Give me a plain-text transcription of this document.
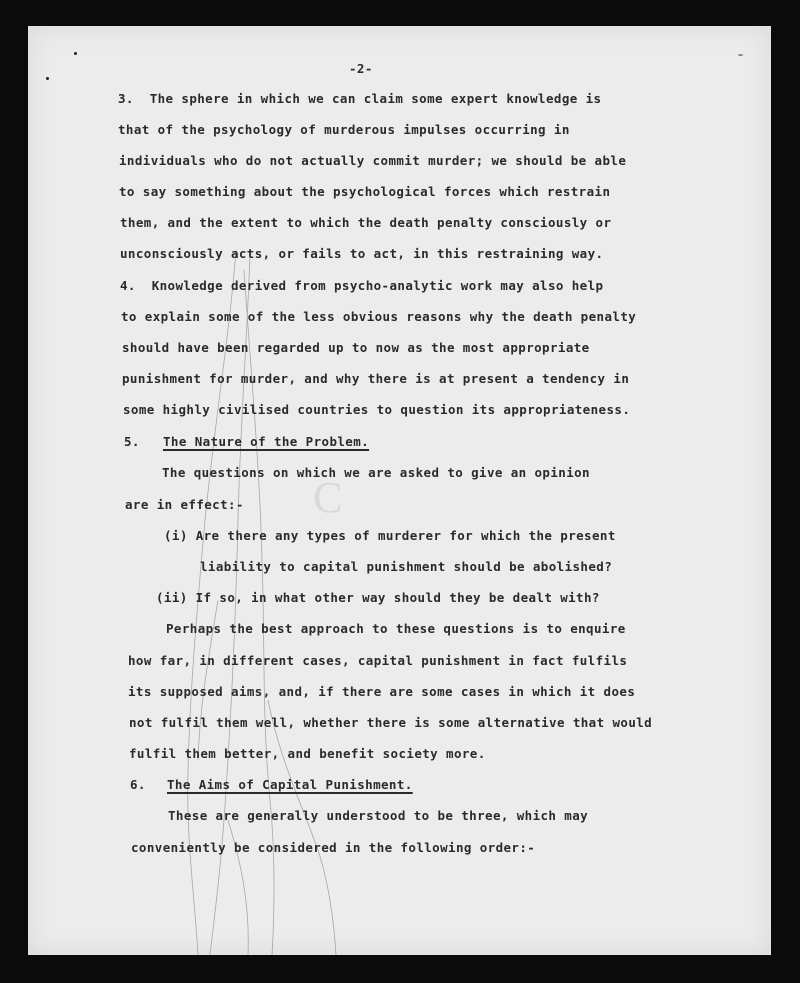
C
-2-
3.  The sphere in which we can claim some expert knowledge is
that of the psychology of murderous impulses occurring in
individuals who do not actually commit murder; we should be able
to say something about the psychological forces which restrain
them, and the extent to which the death penalty consciously or
unconsciously acts, or fails to act, in this restraining way.
4.  Knowledge derived from psycho-analytic work may also help
to explain some of the less obvious reasons why the death penalty
should have been regarded up to now as the most appropriate
punishment for murder, and why there is at present a tendency in
some highly civilised countries to question its appropriateness.
5. The Nature of the Problem.
The questions on which we are asked to give an opinion
are in effect:-
(i) Are there any types of murderer for which the present
liability to capital punishment should be abolished?
(ii) If so, in what other way should they be dealt with?
Perhaps the best approach to these questions is to enquire
how far, in different cases, capital punishment in fact fulfils
its supposed aims, and, if there are some cases in which it does
not fulfil them well, whether there is some alternative that would
fulfil them better, and benefit society more.
6. The Aims of Capital Punishment.
These are generally understood to be three, which may
conveniently be considered in the following order:-
